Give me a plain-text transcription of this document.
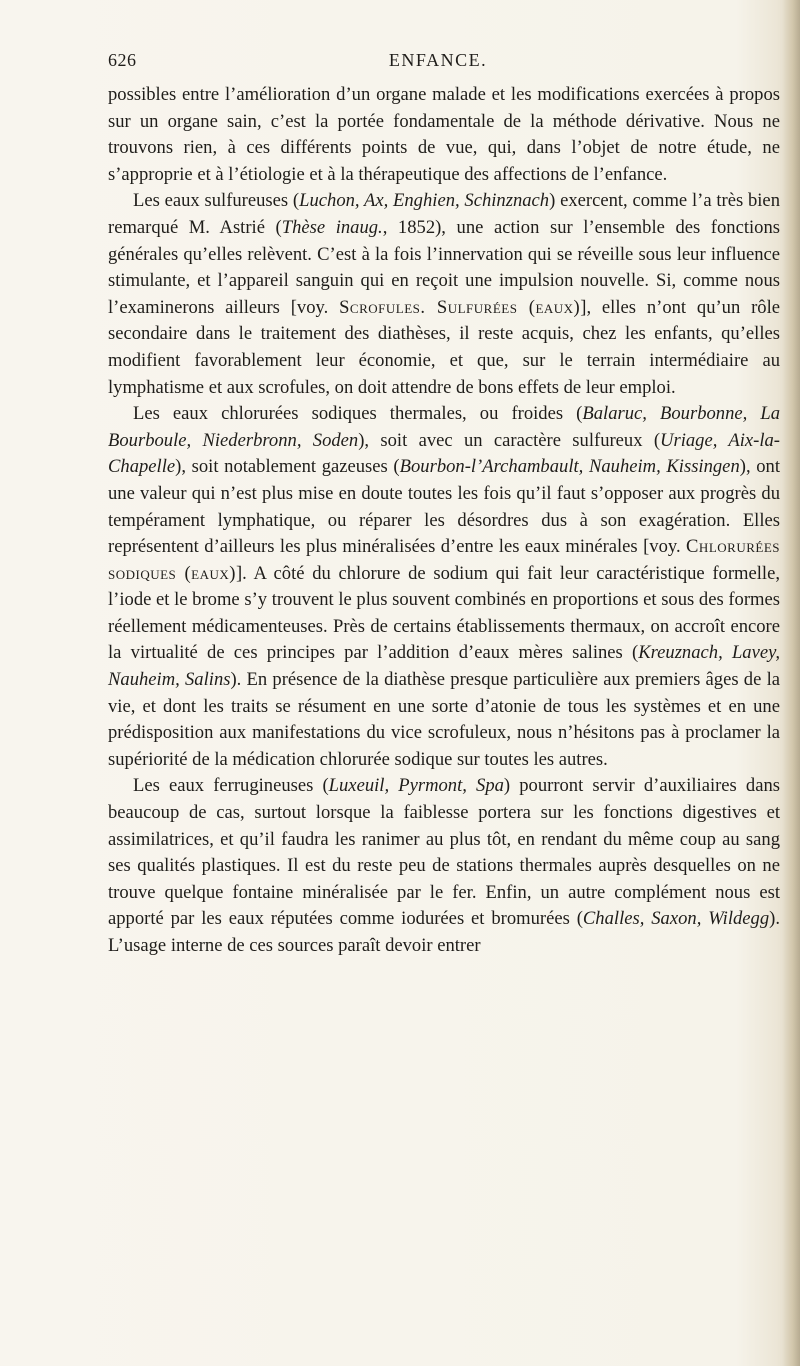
626	ENFANCE.

possibles entre l’amélioration d’un organe malade et les modifications exercées à propos sur un organe sain, c’est la portée fondamentale de la méthode dérivative. Nous ne trouvons rien, à ces différents points de vue, qui, dans l’objet de notre étude, ne s’approprie et à l’étiologie et à la thérapeutique des affections de l’enfance.

Les eaux sulfureuses (Luchon, Ax, Enghien, Schinznach) exercent, comme l’a très bien remarqué M. Astrié (Thèse inaug., 1852), une action sur l’ensemble des fonctions générales qu’elles relèvent. C’est à la fois l’innervation qui se réveille sous leur influence stimulante, et l’appareil sanguin qui en reçoit une impulsion nouvelle. Si, comme nous l’examinerons ailleurs [voy. Scrofules. Sulfurées (eaux)], elles n’ont qu’un rôle secondaire dans le traitement des diathèses, il reste acquis, chez les enfants, qu’elles modifient favorablement leur économie, et que, sur le terrain intermédiaire au lymphatisme et aux scrofules, on doit attendre de bons effets de leur emploi.

Les eaux chlorurées sodiques thermales, ou froides (Balaruc, Bourbonne, La Bourboule, Niederbronn, Soden), soit avec un caractère sulfureux (Uriage, Aix-la-Chapelle), soit notablement gazeuses (Bourbon-l’Archambault, Nauheim, Kissingen), ont une valeur qui n’est plus mise en doute toutes les fois qu’il faut s’opposer aux progrès du tempérament lymphatique, ou réparer les désordres dus à son exagération. Elles représentent d’ailleurs les plus minéralisées d’entre les eaux minérales [voy. Chlorurées sodiques (eaux)]. A côté du chlorure de sodium qui fait leur caractéristique formelle, l’iode et le brome s’y trouvent le plus souvent combinés en proportions et sous des formes réellement médicamenteuses. Près de certains établissements thermaux, on accroît encore la virtualité de ces principes par l’addition d’eaux mères salines (Kreuznach, Lavey, Nauheim, Salins). En présence de la diathèse presque particulière aux premiers âges de la vie, et dont les traits se résument en une sorte d’atonie de tous les systèmes et en une prédisposition aux manifestations du vice scrofuleux, nous n’hésitons pas à proclamer la supériorité de la médication chlorurée sodique sur toutes les autres.

Les eaux ferrugineuses (Luxeuil, Pyrmont, Spa) pourront servir d’auxiliaires dans beaucoup de cas, surtout lorsque la faiblesse portera sur les fonctions digestives et assimilatrices, et qu’il faudra les ranimer au plus tôt, en rendant du même coup au sang ses qualités plastiques. Il est du reste peu de stations thermales auprès desquelles on ne trouve quelque fontaine minéralisée par le fer. Enfin, un autre complément nous est apporté par les eaux réputées comme iodurées et bromurées (Challes, Saxon, Wildegg). L’usage interne de ces sources paraît devoir entrer
